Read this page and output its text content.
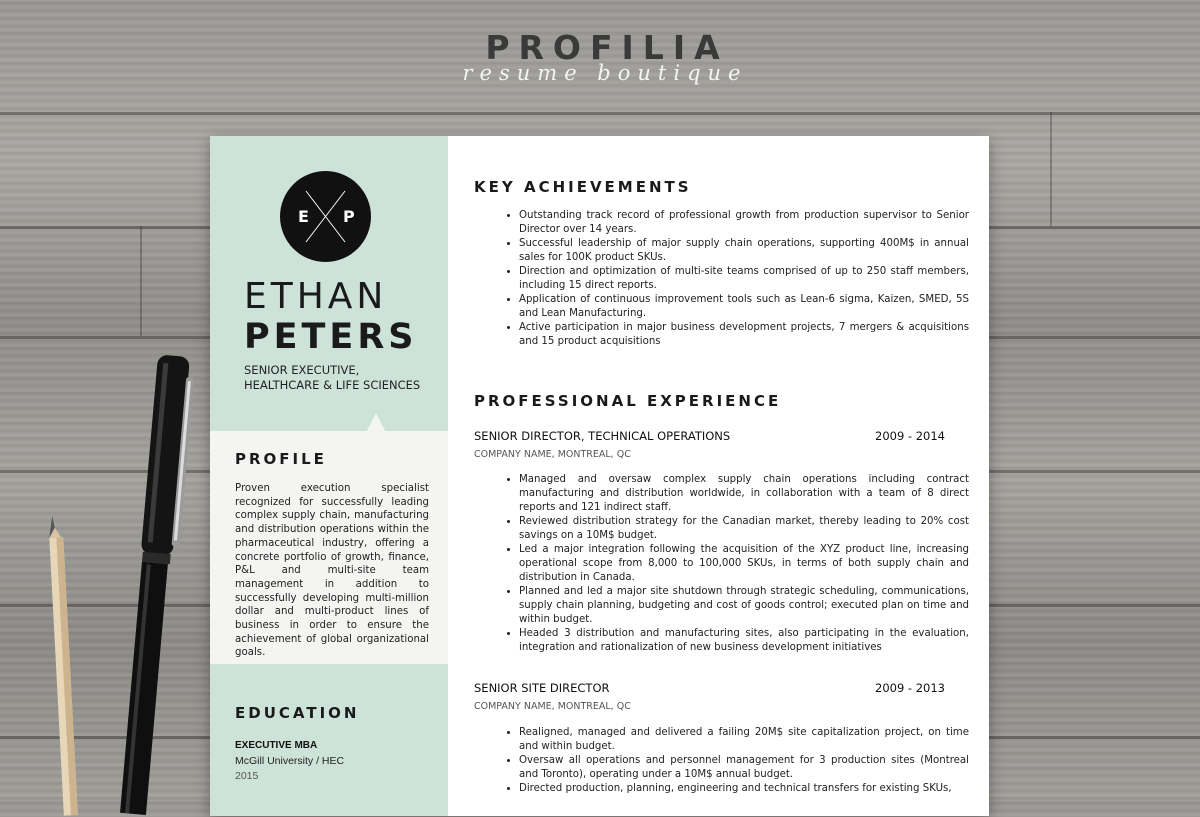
PROFILIA
resume boutique
E P
ETHAN
PETERS
SENIOR EXECUTIVE,
HEALTHCARE & LIFE SCIENCES
PROFILE
Proven execution specialist recognized for successfully leading complex supply chain, manufacturing and distribution operations within the pharmaceutical industry, offering a concrete portfolio of growth, finance, P&L and multi-site team management in addition to successfully developing multi-million dollar and multi-product lines of business in order to ensure the achievement of global organizational goals.
EDUCATION
EXECUTIVE MBA
McGill University / HEC
2015
KEY ACHIEVEMENTS
• Outstanding track record of professional growth from production supervisor to Senior Director over 14 years.
• Successful leadership of major supply chain operations, supporting 400M$ in annual sales for 100K product SKUs.
• Direction and optimization of multi-site teams comprised of up to 250 staff members, including 15 direct reports.
• Application of continuous improvement tools such as Lean-6 sigma, Kaizen, SMED, 5S and Lean Manufacturing.
• Active participation in major business development projects, 7 mergers & acquisitions and 15 product acquisitions
PROFESSIONAL EXPERIENCE
SENIOR DIRECTOR, TECHNICAL OPERATIONS	2009 - 2014
COMPANY NAME, MONTREAL, QC
• Managed and oversaw complex supply chain operations including contract manufacturing and distribution worldwide, in collaboration with a team of 8 direct reports and 121 indirect staff.
• Reviewed distribution strategy for the Canadian market, thereby leading to 20% cost savings on a 10M$ budget.
• Led a major integration following the acquisition of the XYZ product line, increasing operational scope from 8,000 to 100,000 SKUs, in terms of both supply chain and distribution in Canada.
• Planned and led a major site shutdown through strategic scheduling, communications, supply chain planning, budgeting and cost of goods control; executed plan on time and within budget.
• Headed 3 distribution and manufacturing sites, also participating in the evaluation, integration and rationalization of new business development initiatives
SENIOR SITE DIRECTOR	2009 - 2013
COMPANY NAME, MONTREAL, QC
• Realigned, managed and delivered a failing 20M$ site capitalization project, on time and within budget.
• Oversaw all operations and personnel management for 3 production sites (Montreal and Toronto), operating under a 10M$ annual budget.
• Directed production, planning, engineering and technical transfers for existing SKUs,
